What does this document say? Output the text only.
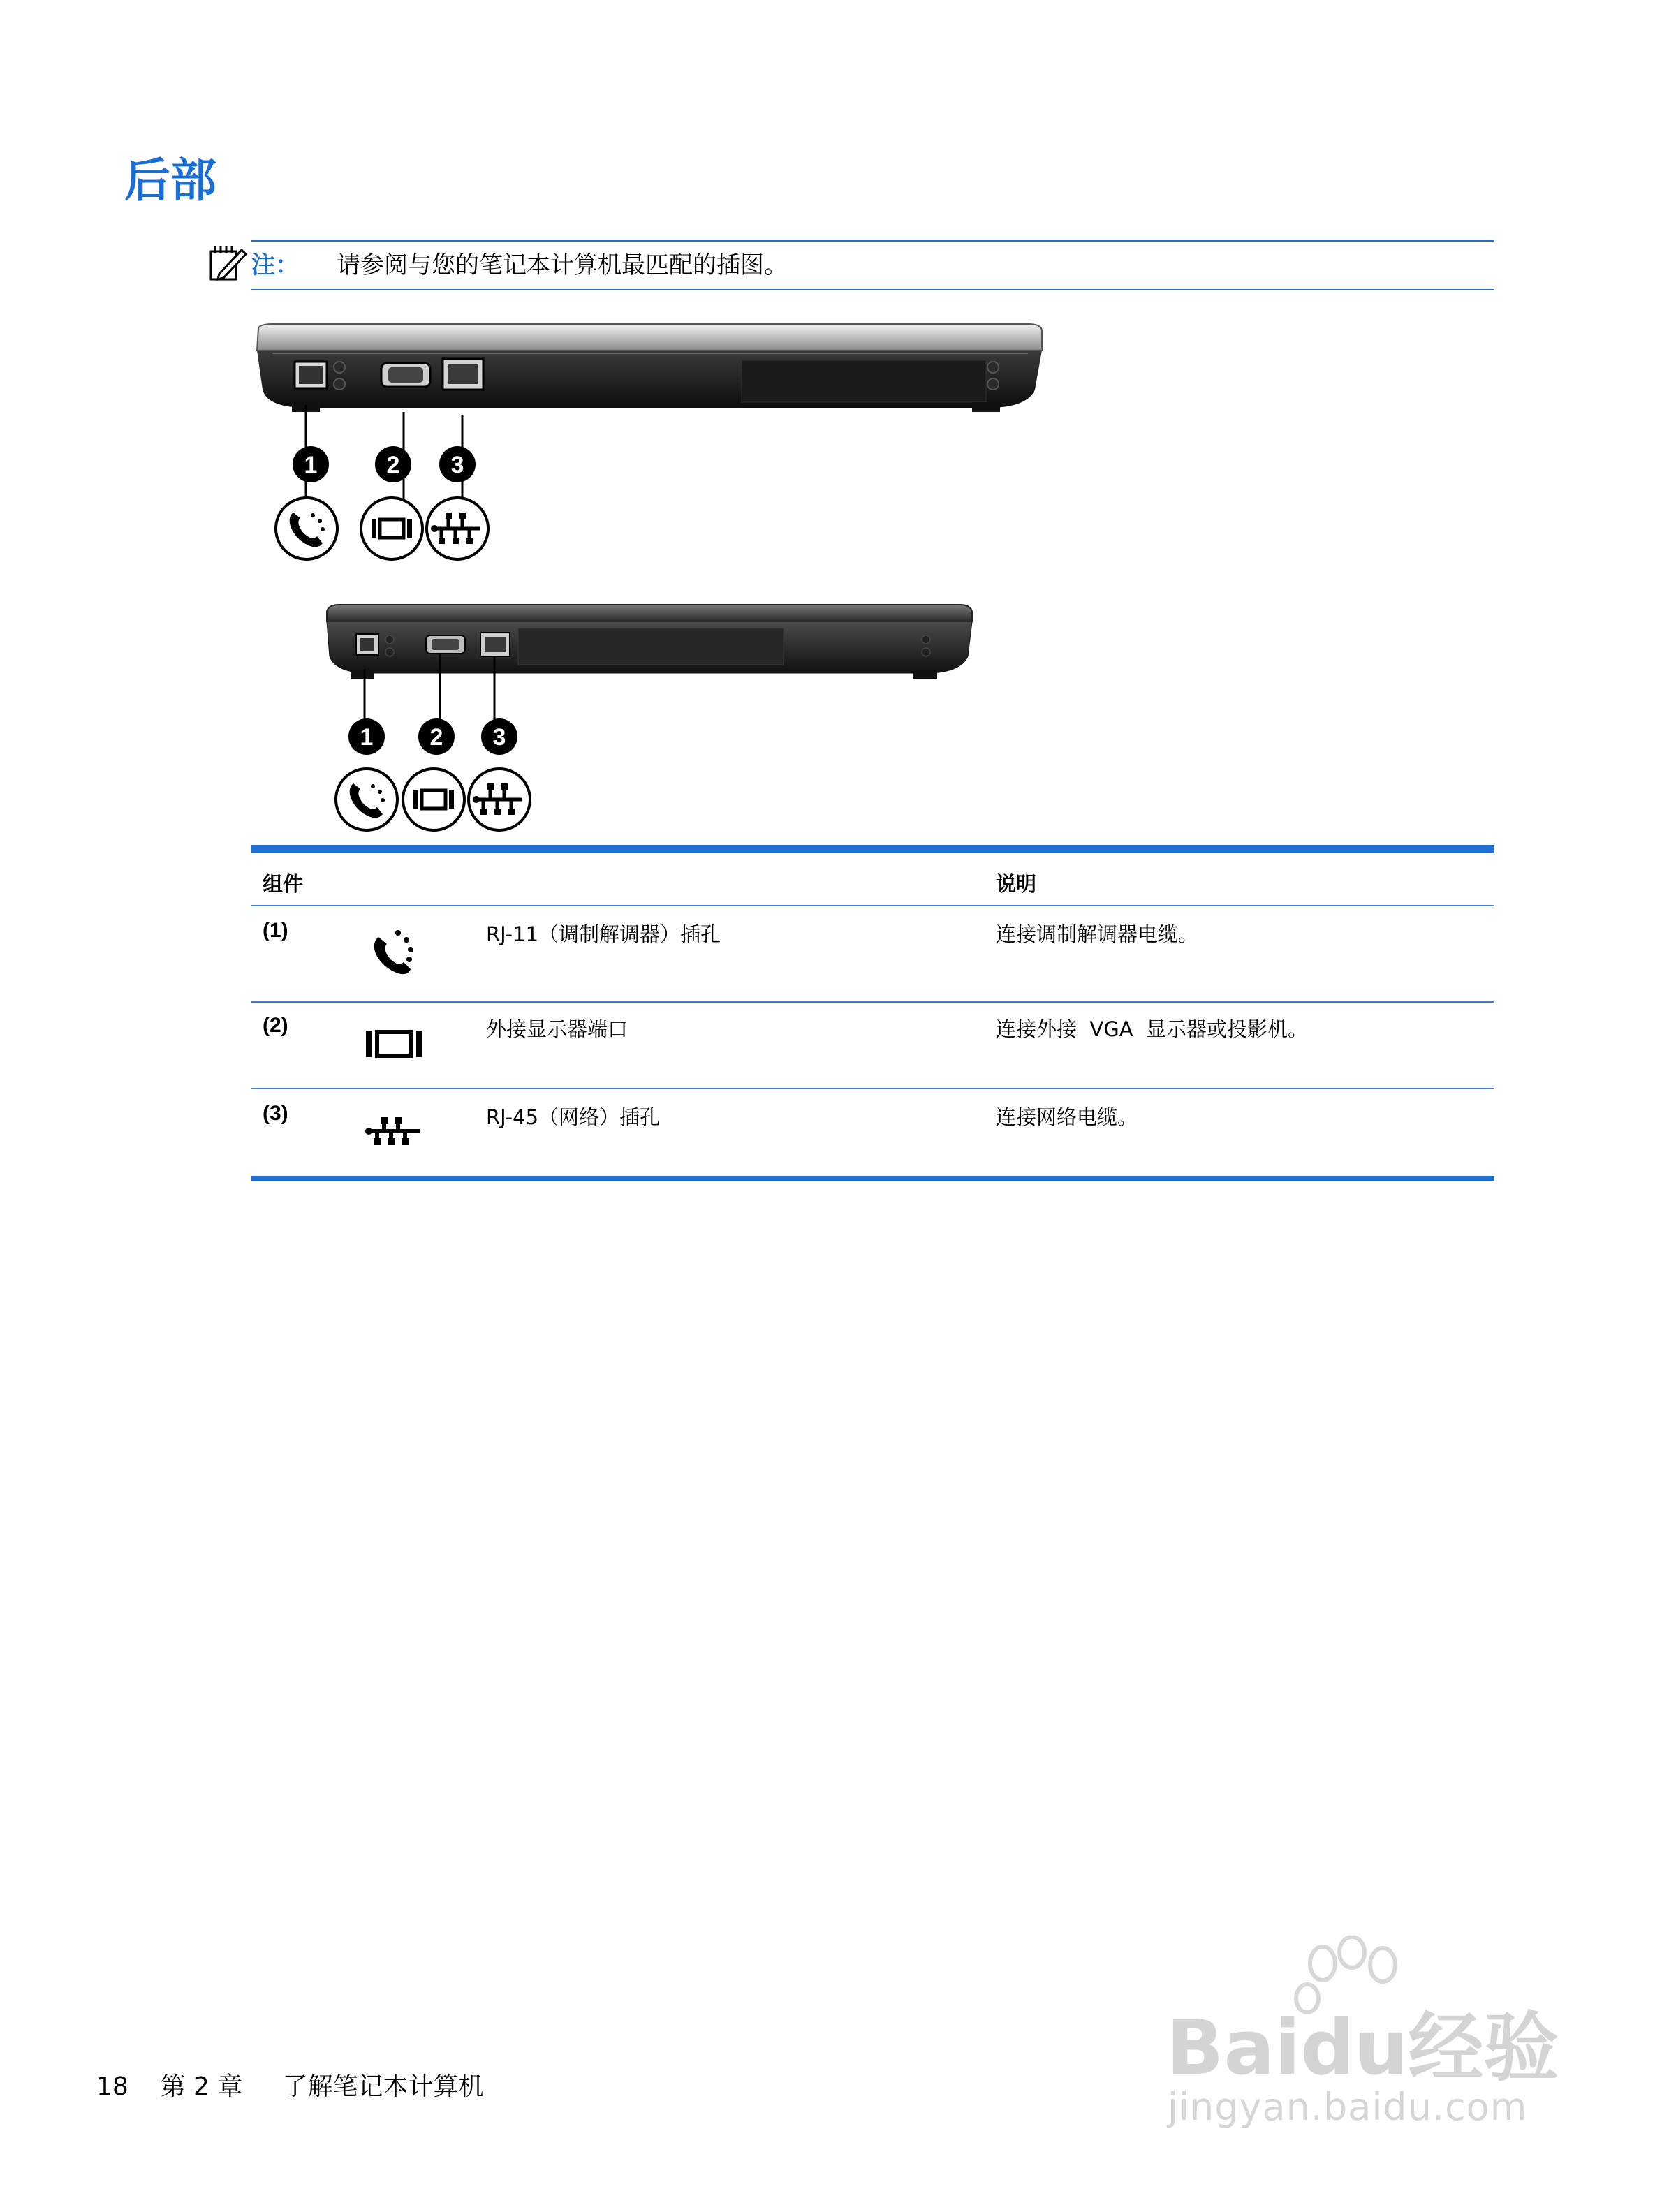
后部
注： 请参阅与您的笔记本计算机最匹配的插图。
1	2 3
1 2 3
组件	说明
(1)	RJ-11（调制解调器）插孔	连接调制解调器电缆。
(2)	外接显示器端口	连接外接  VGA  显示器或投影机。
(3)	RJ-45（网络）插孔	连接网络电缆。
18 第 2 章 了解笔记本计算机	Baidu经验
jingyan.baidu.com
